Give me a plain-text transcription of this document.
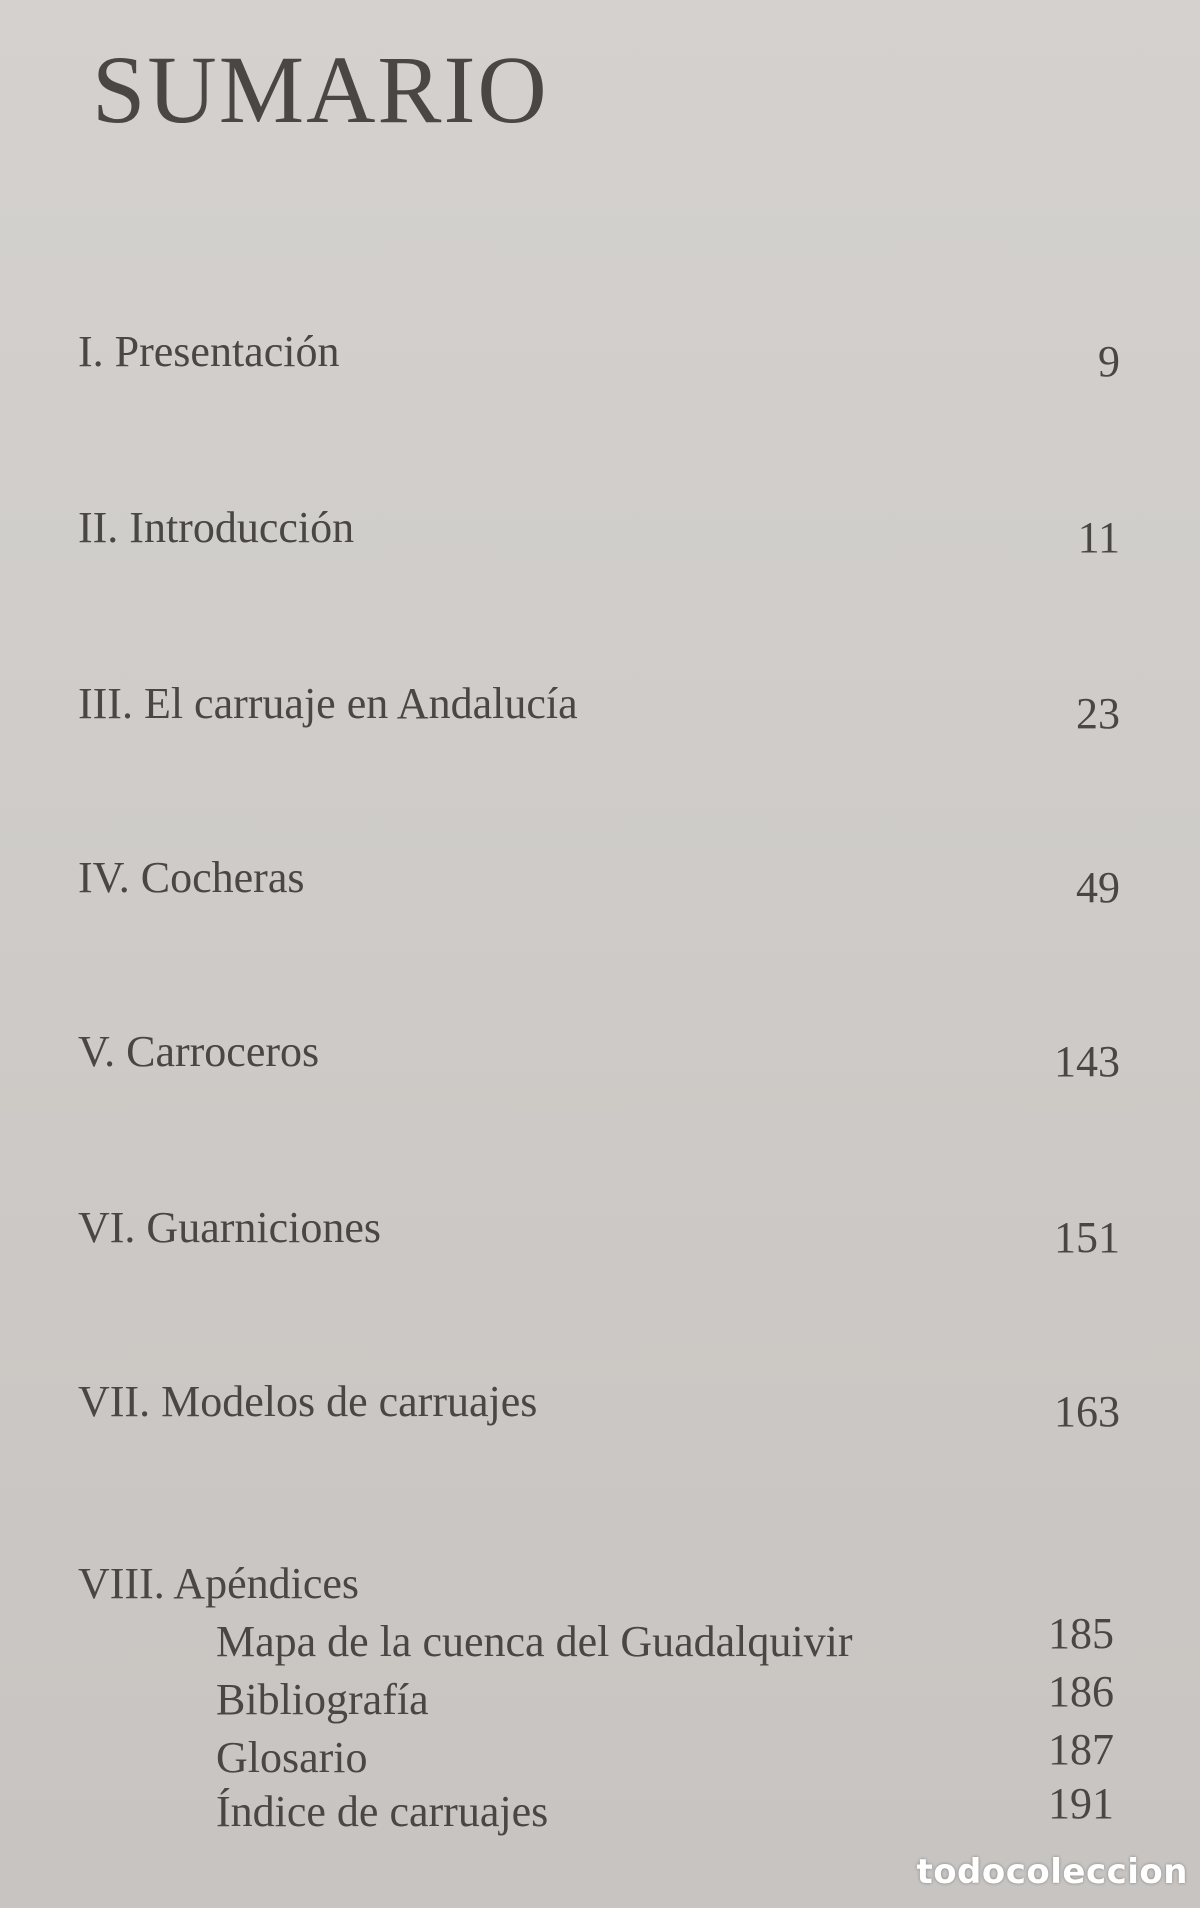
SUMARIO
I. Presentación	9
II. Introducción	11
III. El carruaje en Andalucía	23
IV. Cocheras	49
V. Carroceros	143
VI. Guarniciones	151
VII. Modelos de carruajes	163
VIII. Apéndices
Mapa de la cuenca del Guadalquivir	185
Bibliografía	186
Glosario	187
Índice de carruajes	191
todocoleccion
